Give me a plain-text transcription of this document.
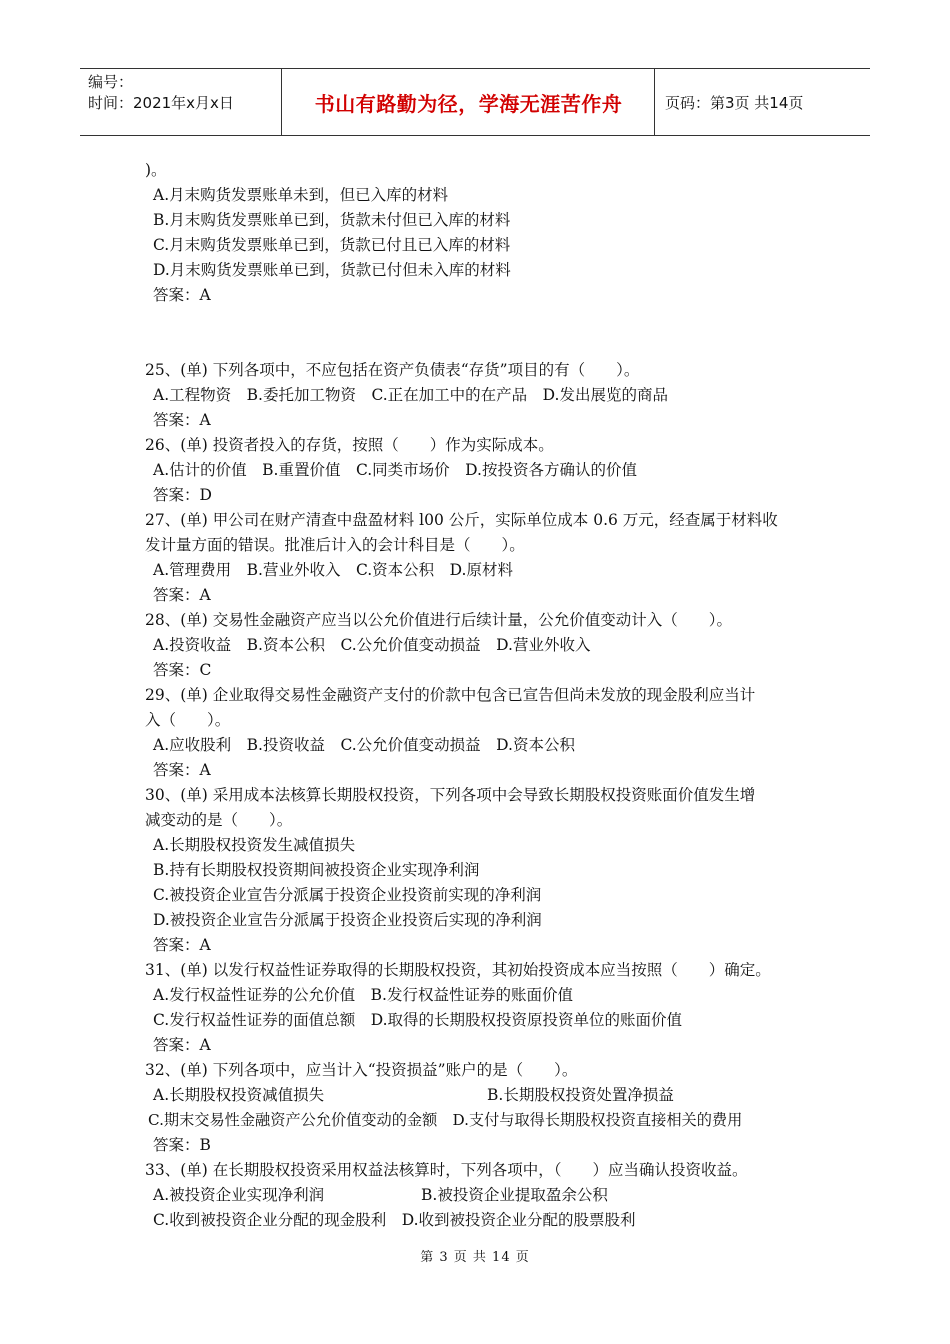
编号：
时间：2021年x月x日	书山有路勤为径，学海无涯苦作舟	页码：第3页 共14页
)。
A.月末购货发票账单未到，但已入库的材料
B.月末购货发票账单已到，货款未付但已入库的材料
C.月末购货发票账单已到，货款已付且已入库的材料
D.月末购货发票账单已到，货款已付但未入库的材料
答案：A
25、(单) 下列各项中，不应包括在资产负债表“存货”项目的有（　　）。
A.工程物资　B.委托加工物资　C.正在加工中的在产品　D.发出展览的商品
答案：A
26、(单) 投资者投入的存货，按照（　　）作为实际成本。
A.估计的价值　B.重置价值　C.同类市场价　D.按投资各方确认的价值
答案：D
27、(单) 甲公司在财产清查中盘盈材料 l00 公斤，实际单位成本 0.6 万元，经查属于材料收
发计量方面的错误。批准后计入的会计科目是（　　）。
A.管理费用　B.营业外收入　C.资本公积　D.原材料
答案：A
28、(单) 交易性金融资产应当以公允价值进行后续计量，公允价值变动计入（　　）。
A.投资收益　B.资本公积　C.公允价值变动损益　D.营业外收入
答案：C
29、(单) 企业取得交易性金融资产支付的价款中包含已宣告但尚未发放的现金股利应当计
入（　　）。
A.应收股利　B.投资收益　C.公允价值变动损益　D.资本公积
答案：A
30、(单) 采用成本法核算长期股权投资，下列各项中会导致长期股权投资账面价值发生增
减变动的是（　　）。
A.长期股权投资发生减值损失
B.持有长期股权投资期间被投资企业实现净利润
C.被投资企业宣告分派属于投资企业投资前实现的净利润
D.被投资企业宣告分派属于投资企业投资后实现的净利润
答案：A
31、(单) 以发行权益性证券取得的长期股权投资，其初始投资成本应当按照（　　）确定。
A.发行权益性证券的公允价值　B.发行权益性证券的账面价值
C.发行权益性证券的面值总额　D.取得的长期股权投资原投资单位的账面价值
答案：A
32、(单) 下列各项中，应当计入“投资损益”账户的是（　　）。
A.长期股权投资减值损失	B.长期股权投资处置净损益
C.期末交易性金融资产公允价值变动的金额　D.支付与取得长期股权投资直接相关的费用
答案：B
33、(单) 在长期股权投资采用权益法核算时，下列各项中，（　　）应当确认投资收益。
A.被投资企业实现净利润	B.被投资企业提取盈余公积
C.收到被投资企业分配的现金股利　D.收到被投资企业分配的股票股利
第 3 页 共 14 页
